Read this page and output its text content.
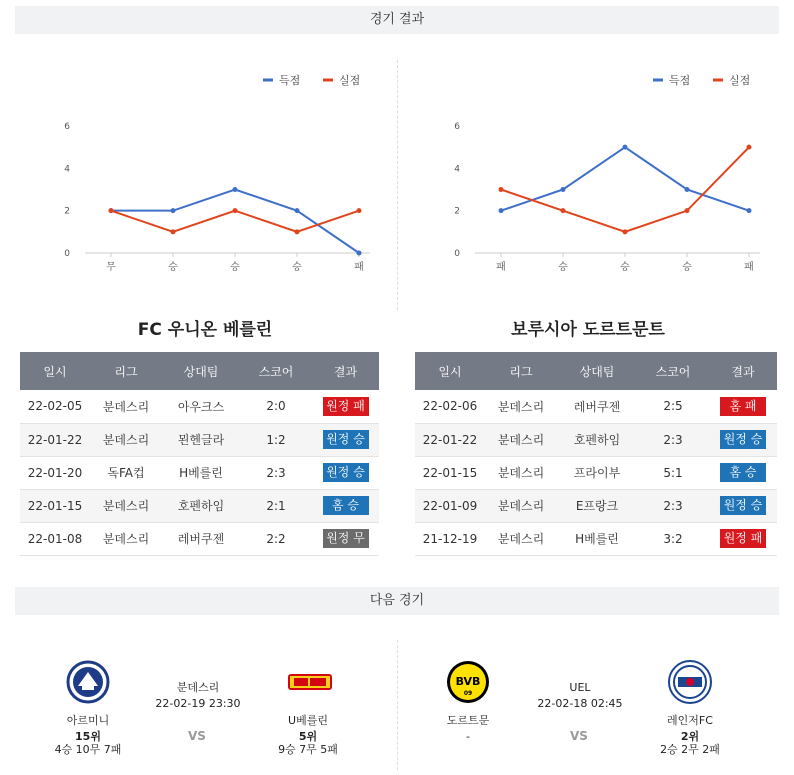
경기 결과
득점	실점
0
2
4
6
무	승	승	승	패
득점	실점
0
2
4
6
패	승	승	승	패
FC 우니온 베를린	보루시아 도르트문트
일시	리그	상대팀	스코어	결과
22-02-05	분데스리	아우크스	2:0	원정 패
22-01-22	분데스리	묀헨글라	1:2	원정 승
22-01-20	독FA컵	H베를린	2:3	원정 승
22-01-15	분데스리	호펜하임	2:1	홈 승
22-01-08	분데스리	레버쿠젠	2:2	원정 무
일시	리그	상대팀	스코어	결과
22-02-06	분데스리	레버쿠젠	2:5	홈 패
22-01-22	분데스리	호펜하임	2:3	원정 승
22-01-15	분데스리	프라이부	5:1	홈 승
22-01-09	분데스리	E프랑크	2:3	원정 승
21-12-19	분데스리	H베를린	3:2	원정 패
다음 경기
아르미니
15위
4승 10무 7패
분데스리
22-02-19 23:30
VS
U베를린
5위
9승 7무 5패
BVB
09
도르트문
-
UEL
22-02-18 02:45
VS
레인저FC
2위
2승 2무 2패
